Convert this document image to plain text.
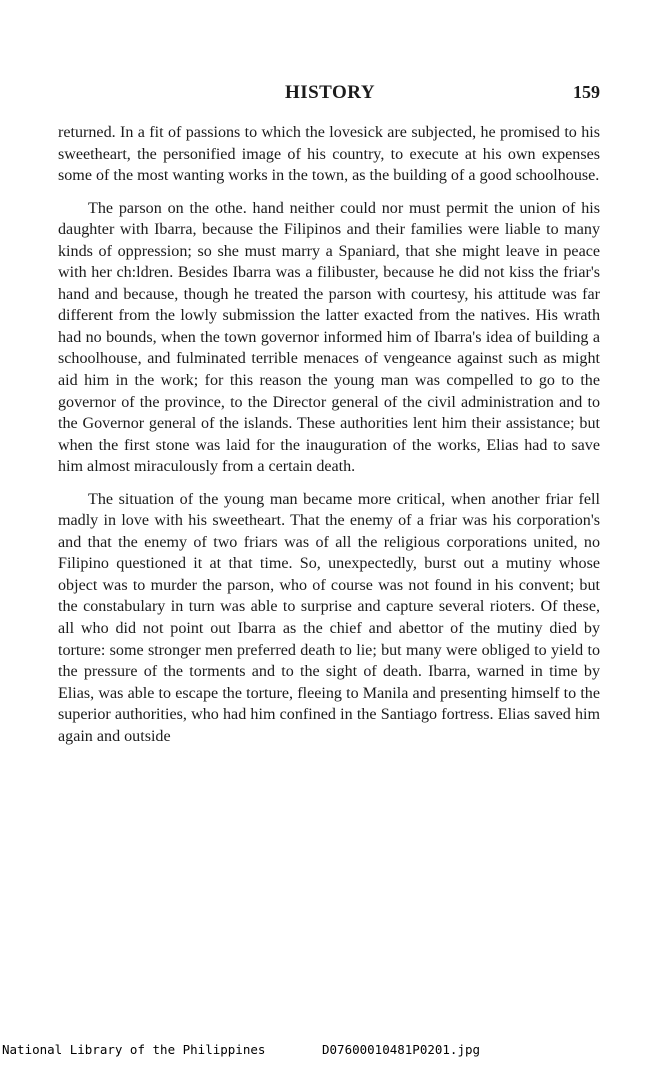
HISTORY	159

returned. In a fit of passions to which the lovesick are subjected, he promised to his sweetheart, the personified image of his country, to execute at his own expenses some of the most wanting works in the town, as the building of a good schoolhouse.

The parson on the othe. hand neither could nor must permit the union of his daughter with Ibarra, because the Filipinos and their families were liable to many kinds of oppression; so she must marry a Spaniard, that she might leave in peace with her ch:ldren. Besides Ibarra was a filibuster, because he did not kiss the friar's hand and because, though he treated the parson with courtesy, his attitude was far different from the lowly submission the latter exacted from the natives. His wrath had no bounds, when the town governor informed him of Ibarra's idea of building a schoolhouse, and fulminated terrible menaces of vengeance against such as might aid him in the work; for this reason the young man was compelled to go to the governor of the province, to the Director general of the civil administration and to the Governor general of the islands. These authorities lent him their assistance; but when the first stone was laid for the inauguration of the works, Elias had to save him almost miraculously from a certain death.

The situation of the young man became more critical, when another friar fell madly in love with his sweetheart. That the enemy of a friar was his corporation's and that the enemy of two friars was of all the religious corporations united, no Filipino questioned it at that time. So, unexpectedly, burst out a mutiny whose object was to murder the parson, who of course was not found in his convent; but the constabulary in turn was able to surprise and capture several rioters. Of these, all who did not point out Ibarra as the chief and abettor of the mutiny died by torture: some stronger men preferred death to lie; but many were obliged to yield to the pressure of the torments and to the sight of death. Ibarra, warned in time by Elias, was able to escape the torture, fleeing to Manila and presenting himself to the superior authorities, who had him confined in the Santiago fortress. Elias saved him again and outside

National Library of the Philippines	D07600010481P0201.jpg
